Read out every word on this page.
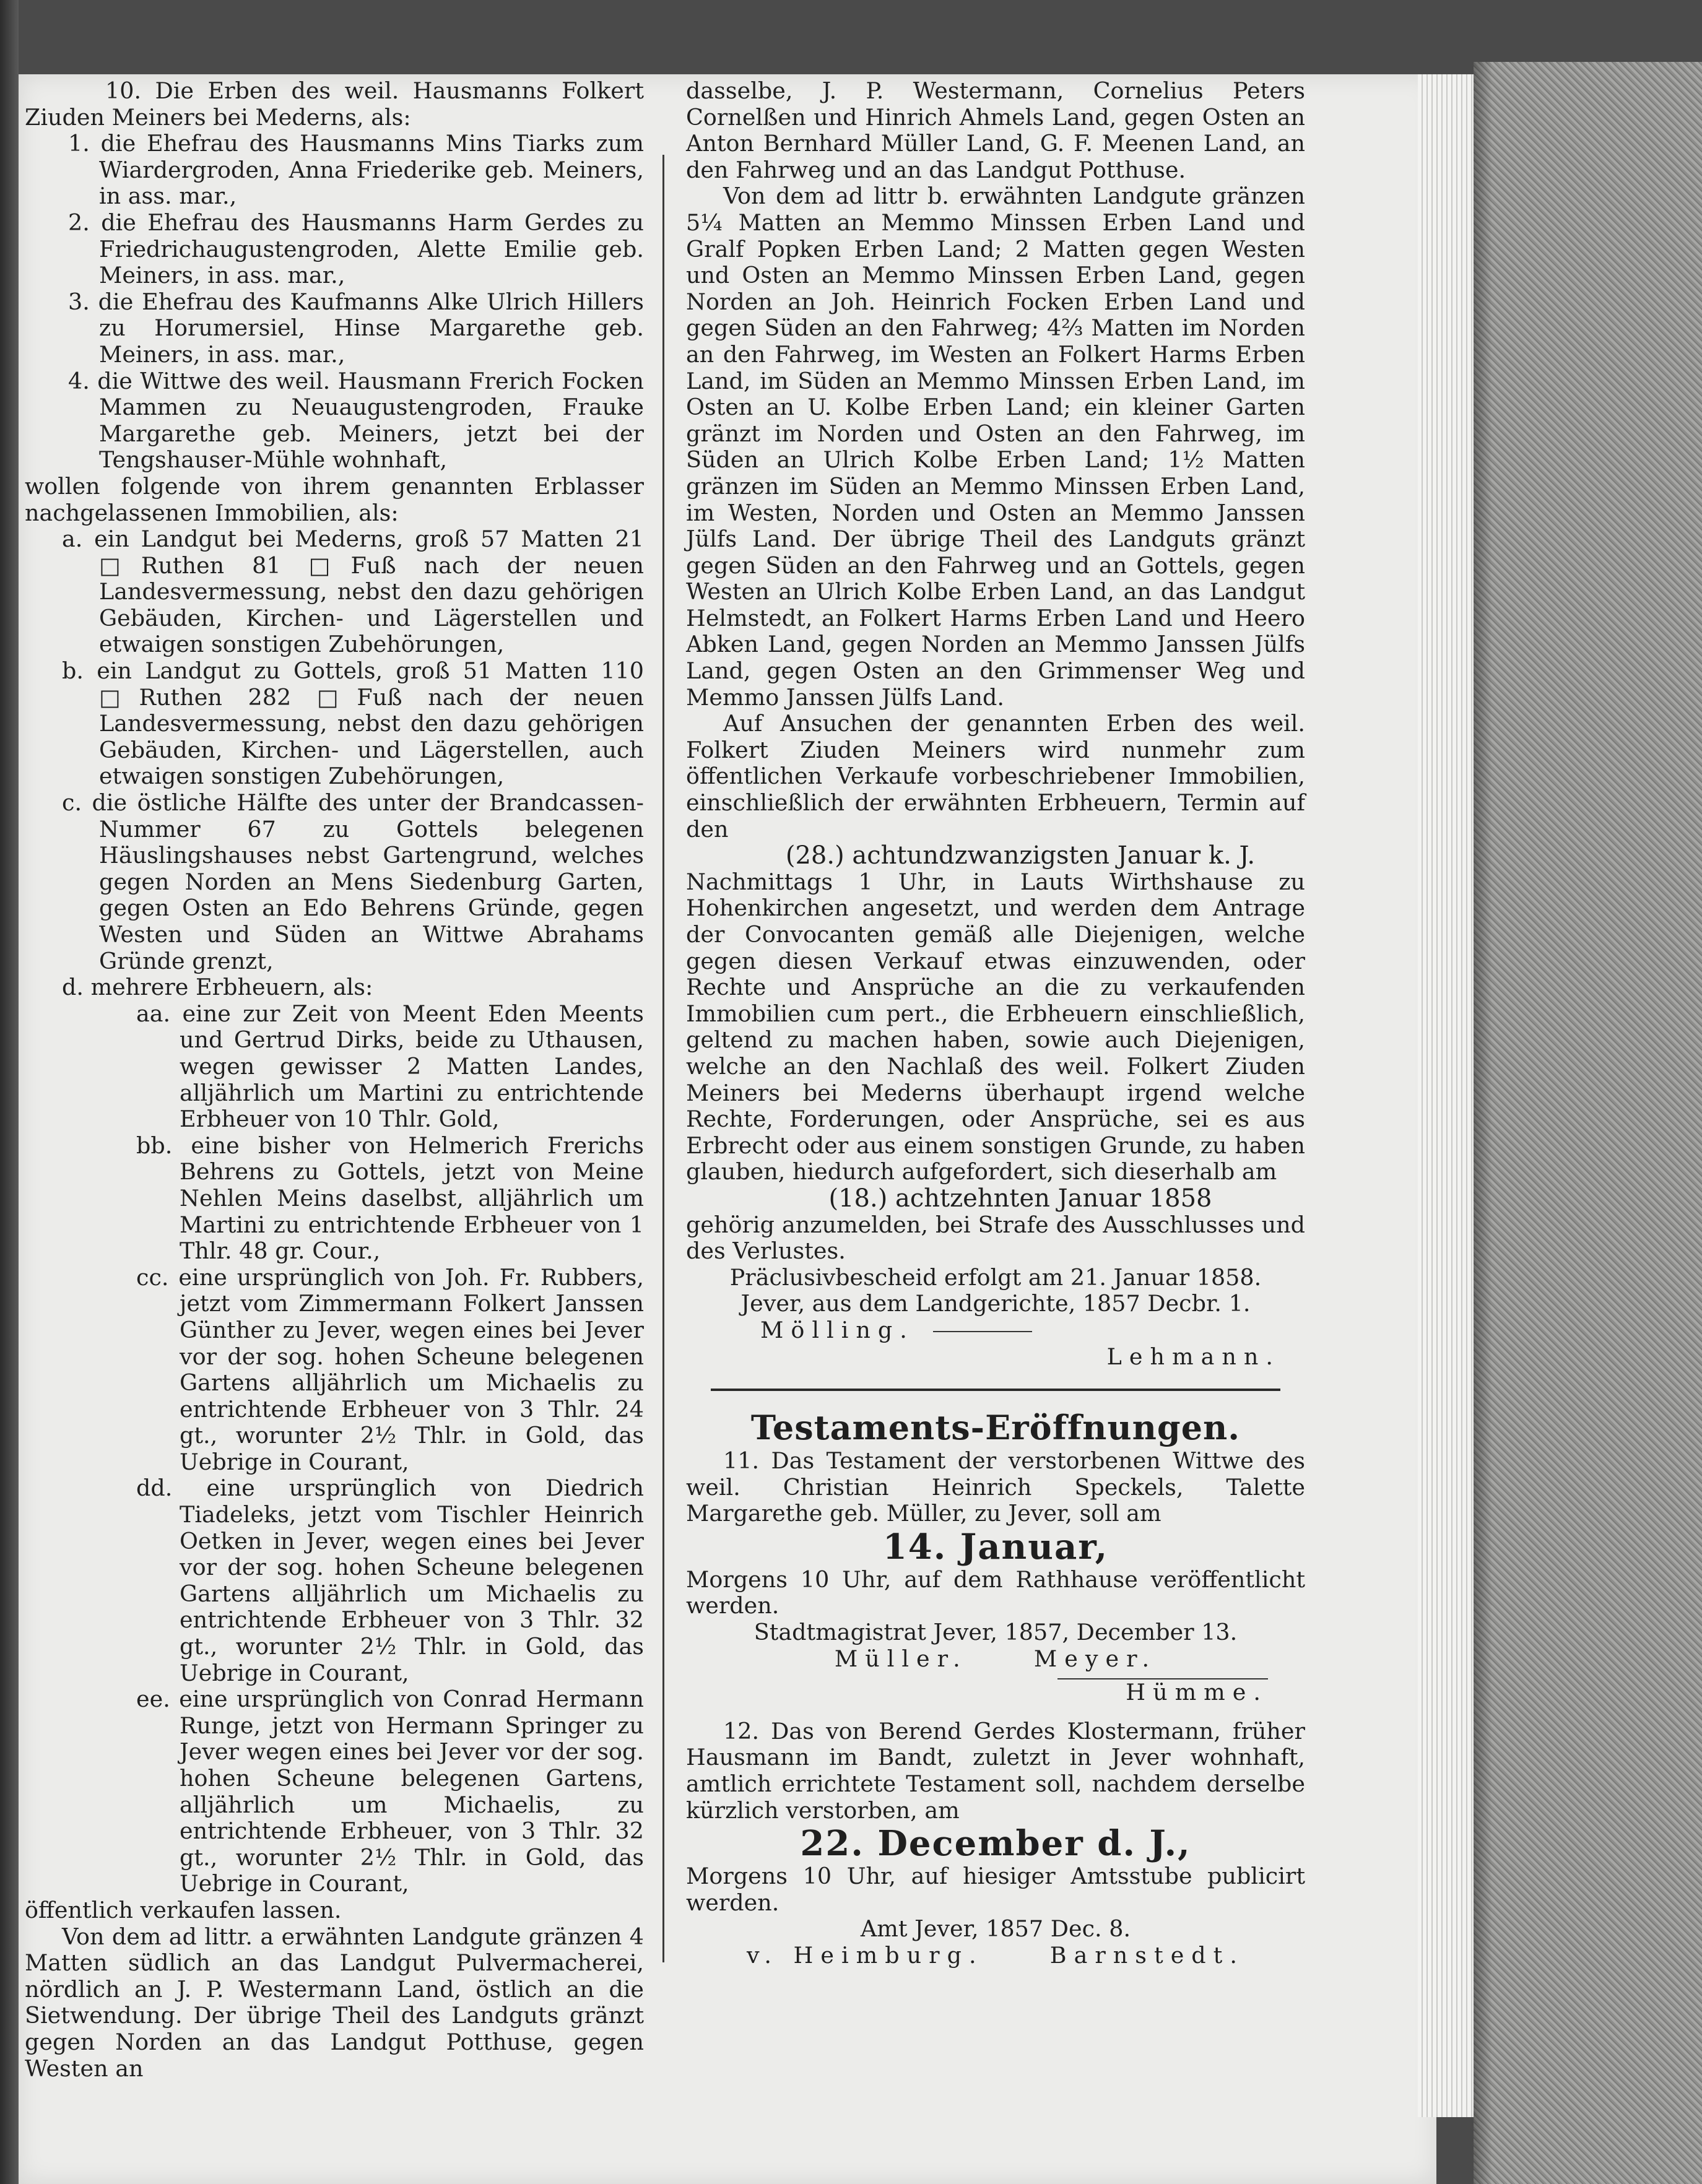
10. Die Erben des weil. Hausmanns Folkert Ziuden Meiners bei Mederns, als:

1. die Ehefrau des Hausmanns Mins Tiarks zum Wiardergroden, Anna Friederike geb. Meiners, in ass. mar.,

2. die Ehefrau des Hausmanns Harm Gerdes zu Friedrichaugustengroden, Alette Emilie geb. Meiners, in ass. mar.,

3. die Ehefrau des Kaufmanns Alke Ulrich Hillers zu Horumersiel, Hinse Margarethe geb. Meiners, in ass. mar.,

4. die Wittwe des weil. Hausmann Frerich Focken Mammen zu Neuaugustengroden, Frauke Margarethe geb. Meiners, jetzt bei der Tengshauser-Mühle wohnhaft,

wollen folgende von ihrem genannten Erblasser nachgelassenen Immobilien, als:

a. ein Landgut bei Mederns, groß 57 Matten 21 □Ruthen 81 □Fuß nach der neuen Landesvermessung, nebst den dazu gehörigen Gebäuden, Kirchen- und Lägerstellen und etwaigen sonstigen Zubehörungen,

b. ein Landgut zu Gottels, groß 51 Matten 110 □Ruthen 282 □Fuß nach der neuen Landesvermessung, nebst den dazu gehörigen Gebäuden, Kirchen- und Lägerstellen, auch etwaigen sonstigen Zubehörungen,

c. die östliche Hälfte des unter der Brandcassen-Nummer 67 zu Gottels belegenen Häuslingshauses nebst Gartengrund, welches gegen Norden an Mens Siedenburg Garten, gegen Osten an Edo Behrens Gründe, gegen Westen und Süden an Wittwe Abrahams Gründe grenzt,

d. mehrere Erbheuern, als:

aa. eine zur Zeit von Meent Eden Meents und Gertrud Dirks, beide zu Uthausen, wegen gewisser 2 Matten Landes, alljährlich um Martini zu entrichtende Erbheuer von 10 Thlr. Gold,

bb. eine bisher von Helmerich Frerichs Behrens zu Gottels, jetzt von Meine Nehlen Meins daselbst, alljährlich um Martini zu entrichtende Erbheuer von 1 Thlr. 48 gr. Cour.,

cc. eine ursprünglich von Joh. Fr. Rubbers, jetzt vom Zimmermann Folkert Janssen Günther zu Jever, wegen eines bei Jever vor der sog. hohen Scheune belegenen Gartens alljährlich um Michaelis zu entrichtende Erbheuer von 3 Thlr. 24 gt., worunter 2½ Thlr. in Gold, das Uebrige in Courant,

dd. eine ursprünglich von Diedrich Tiadeleks, jetzt vom Tischler Heinrich Oetken in Jever, wegen eines bei Jever vor der sog. hohen Scheune belegenen Gartens alljährlich um Michaelis zu entrichtende Erbheuer von 3 Thlr. 32 gt., worunter 2½ Thlr. in Gold, das Uebrige in Courant,

ee. eine ursprünglich von Conrad Hermann Runge, jetzt von Hermann Springer zu Jever wegen eines bei Jever vor der sog. hohen Scheune belegenen Gartens, alljährlich um Michaelis, zu entrichtende Erbheuer, von 3 Thlr. 32 gt., worunter 2½ Thlr. in Gold, das Uebrige in Courant,

öffentlich verkaufen lassen.

Von dem ad littr. a erwähnten Landgute gränzen 4 Matten südlich an das Landgut Pulvermacherei, nördlich an J. P. Westermann Land, östlich an die Sietwendung. Der übrige Theil des Landguts gränzt gegen Norden an das Landgut Potthuse, gegen Westen an

dasselbe, J. P. Westermann, Cornelius Peters Cornelßen und Hinrich Ahmels Land, gegen Osten an Anton Bernhard Müller Land, G. F. Meenen Land, an den Fahrweg und an das Landgut Potthuse.

Von dem ad littr b. erwähnten Landgute gränzen 5¼ Matten an Memmo Minssen Erben Land und Gralf Popken Erben Land; 2 Matten gegen Westen und Osten an Memmo Minssen Erben Land, gegen Norden an Joh. Heinrich Focken Erben Land und gegen Süden an den Fahrweg; 4⅔ Matten im Norden an den Fahrweg, im Westen an Folkert Harms Erben Land, im Süden an Memmo Minssen Erben Land, im Osten an U. Kolbe Erben Land; ein kleiner Garten gränzt im Norden und Osten an den Fahrweg, im Süden an Ulrich Kolbe Erben Land; 1½ Matten gränzen im Süden an Memmo Minssen Erben Land, im Westen, Norden und Osten an Memmo Janssen Jülfs Land. Der übrige Theil des Landguts gränzt gegen Süden an den Fahrweg und an Gottels, gegen Westen an Ulrich Kolbe Erben Land, an das Landgut Helmstedt, an Folkert Harms Erben Land und Heero Abken Land, gegen Norden an Memmo Janssen Jülfs Land, gegen Osten an den Grimmenser Weg und Memmo Janssen Jülfs Land.

Auf Ansuchen der genannten Erben des weil. Folkert Ziuden Meiners wird nunmehr zum öffentlichen Verkaufe vorbeschriebener Immobilien, einschließlich der erwähnten Erbheuern, Termin auf den

(28.) achtundzwanzigsten Januar k. J.

Nachmittags 1 Uhr, in Lauts Wirthshause zu Hohenkirchen angesetzt, und werden dem Antrage der Convocanten gemäß alle Diejenigen, welche gegen diesen Verkauf etwas einzuwenden, oder Rechte und Ansprüche an die zu verkaufenden Immobilien cum pert., die Erbheuern einschließlich, geltend zu machen haben, sowie auch Diejenigen, welche an den Nachlaß des weil. Folkert Ziuden Meiners bei Mederns überhaupt irgend welche Rechte, Forderungen, oder Ansprüche, sei es aus Erbrecht oder aus einem sonstigen Grunde, zu haben glauben, hiedurch aufgefordert, sich dieserhalb am

(18.) achtzehnten Januar 1858

gehörig anzumelden, bei Strafe des Ausschlusses und des Verlustes.

Präclusivbescheid erfolgt am 21. Januar 1858.

Jever, aus dem Landgerichte, 1857 Decbr. 1.

Mölling.

Lehmann.

Testaments-Eröffnungen.

11. Das Testament der verstorbenen Wittwe des weil. Christian Heinrich Speckels, Talette Margarethe geb. Müller, zu Jever, soll am

14. Januar,

Morgens 10 Uhr, auf dem Rathhause veröffentlicht werden.

Stadtmagistrat Jever, 1857, December 13.

Müller.	Meyer.

Hümme.

12. Das von Berend Gerdes Klostermann, früher Hausmann im Bandt, zuletzt in Jever wohnhaft, amtlich errichtete Testament soll, nachdem derselbe kürzlich verstorben, am

22. December d. J.,

Morgens 10 Uhr, auf hiesiger Amtsstube publicirt werden.

Amt Jever, 1857 Dec. 8.

v. Heimburg.	Barnstedt.
